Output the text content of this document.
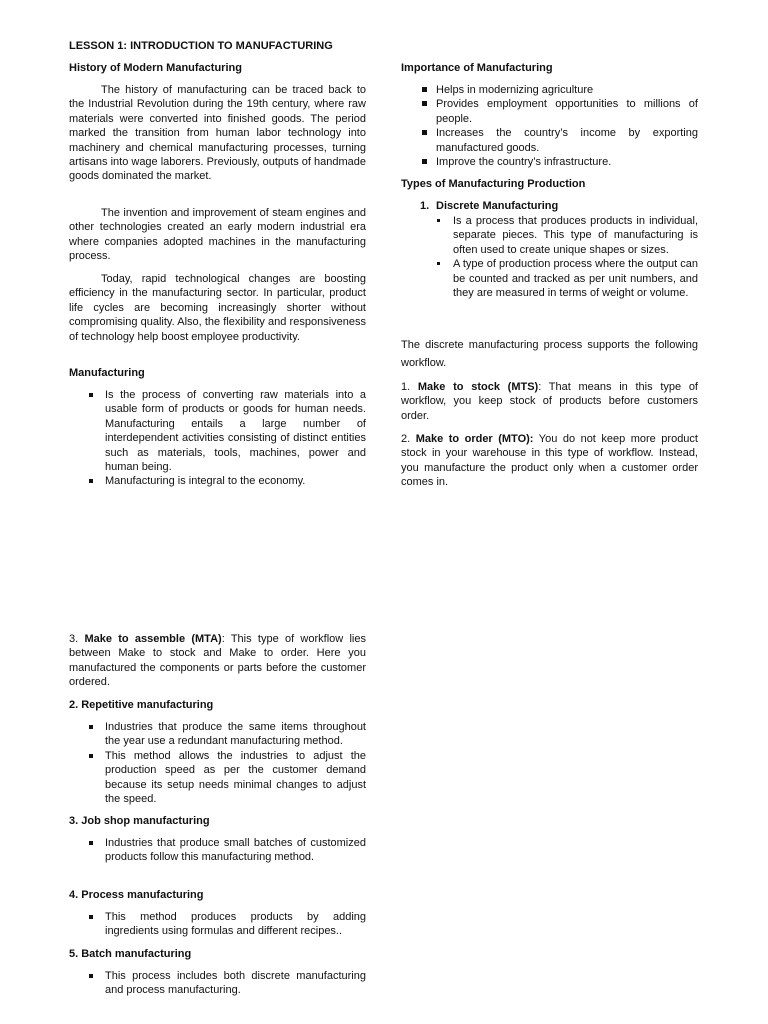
LESSON 1: INTRODUCTION TO MANUFACTURING
History of Modern Manufacturing

The history of manufacturing can be traced back to the Industrial Revolution during the 19th century, where raw materials were converted into finished goods. The period marked the transition from human labor technology into machinery and chemical manufacturing processes, turning artisans into wage laborers. Previously, outputs of handmade goods dominated the market.

The invention and improvement of steam engines and other technologies created an early modern industrial era where companies adopted machines in the manufacturing process.

Today, rapid technological changes are boosting efficiency in the manufacturing sector. In particular, product life cycles are becoming increasingly shorter without compromising quality. Also, the flexibility and responsiveness of technology help boost employee productivity.

Manufacturing
Is the process of converting raw materials into a usable form of products or goods for human needs. Manufacturing entails a large number of interdependent activities consisting of distinct entities such as materials, tools, machines, power and human being.
Manufacturing is integral to the economy.

3. Make to assemble (MTA): This type of workflow lies between Make to stock and Make to order. Here you manufactured the components or parts before the customer ordered.

2. Repetitive manufacturing
Industries that produce the same items throughout the year use a redundant manufacturing method.
This method allows the industries to adjust the production speed as per the customer demand because its setup needs minimal changes to adjust the speed.
3. Job shop manufacturing
Industries that produce small batches of customized products follow this manufacturing method.
4. Process manufacturing
This method produces products by adding ingredients using formulas and different recipes..
5. Batch manufacturing
This process includes both discrete manufacturing and process manufacturing.
Importance of Manufacturing
Helps in modernizing agriculture
Provides employment opportunities to millions of people.
Increases the country’s income by exporting manufactured goods.
Improve the country’s infrastructure.
Types of Manufacturing Production
1. Discrete Manufacturing
Is a process that produces products in individual, separate pieces. This type of manufacturing is often used to create unique shapes or sizes.
A type of production process where the output can be counted and tracked as per unit numbers, and they are measured in terms of weight or volume.

The discrete manufacturing process supports the following workflow.

1. Make to stock (MTS): That means in this type of workflow, you keep stock of products before customers order.

2. Make to order (MTO): You do not keep more product stock in your warehouse in this type of workflow. Instead, you manufacture the product only when a customer order comes in.
